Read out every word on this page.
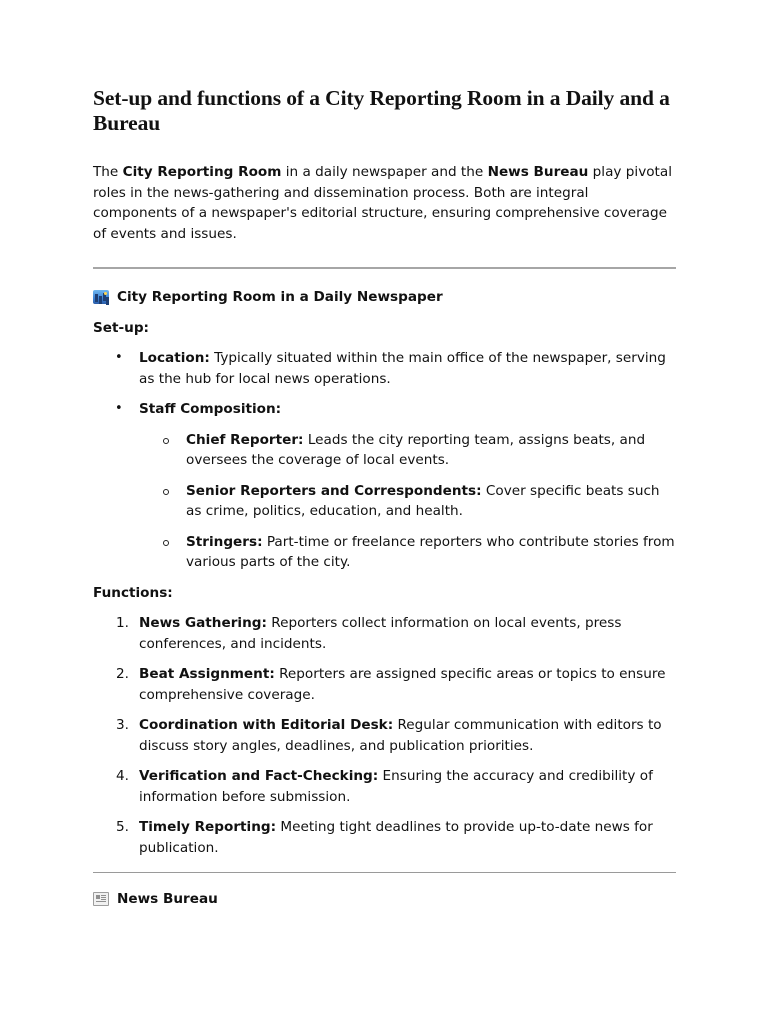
Set-up and functions of a City Reporting Room in a Daily and a Bureau

The City Reporting Room in a daily newspaper and the News Bureau play pivotal roles in the news-gathering and dissemination process. Both are integral components of a newspaper's editorial structure, ensuring comprehensive coverage of events and issues.

City Reporting Room in a Daily Newspaper
Set-up:
• Location: Typically situated within the main office of the newspaper, serving as the hub for local news operations.
• Staff Composition:
Chief Reporter: Leads the city reporting team, assigns beats, and oversees the coverage of local events.
Senior Reporters and Correspondents: Cover specific beats such as crime, politics, education, and health.
Stringers: Part-time or freelance reporters who contribute stories from various parts of the city.
Functions:
1. News Gathering: Reporters collect information on local events, press conferences, and incidents.
2. Beat Assignment: Reporters are assigned specific areas or topics to ensure comprehensive coverage.
3. Coordination with Editorial Desk: Regular communication with editors to discuss story angles, deadlines, and publication priorities.
4. Verification and Fact-Checking: Ensuring the accuracy and credibility of information before submission.
5. Timely Reporting: Meeting tight deadlines to provide up-to-date news for publication.
News Bureau
